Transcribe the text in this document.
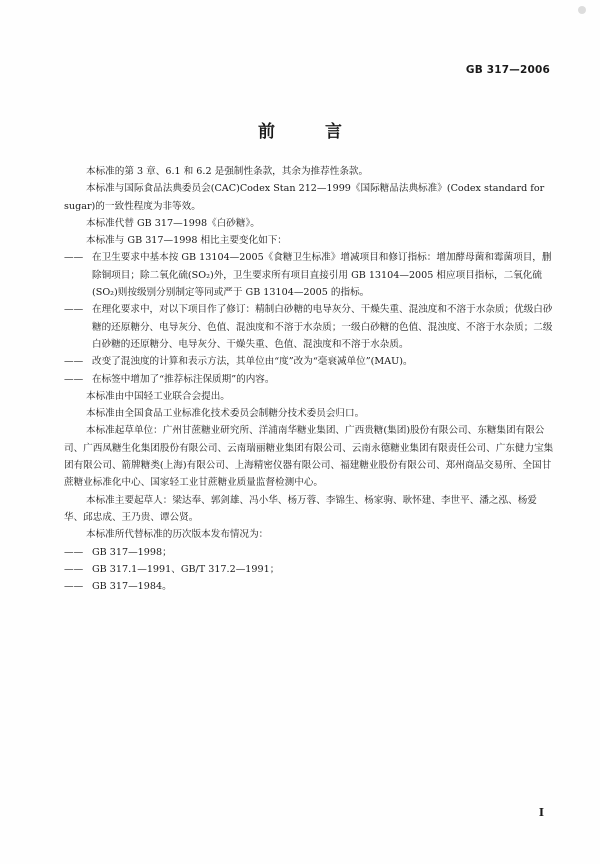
GB 317—2006
前 言

本标准的第 3 章、6.1 和 6.2 是强制性条款，其余为推荐性条款。

本标准与国际食品法典委员会(CAC)Codex Stan 212—1999《国际糖品法典标准》(Codex standard for sugar)的一致性程度为非等效。

本标准代替 GB 317—1998《白砂糖》。

本标准与 GB 317—1998 相比主要变化如下：

—— 在卫生要求中基本按 GB 13104—2005《食糖卫生标准》增减项目和修订指标：增加酵母菌和霉菌项目，删除铜项目；除二氧化硫(SO₂)外，卫生要求所有项目直接引用 GB 13104—2005 相应项目指标，二氧化硫(SO₂)则按级别分别制定等同或严于 GB 13104—2005 的指标。

—— 在理化要求中，对以下项目作了修订：精制白砂糖的电导灰分、干燥失重、混浊度和不溶于水杂质；优级白砂糖的还原糖分、电导灰分、色值、混浊度和不溶于水杂质；一级白砂糖的色值、混浊度、不溶于水杂质；二级白砂糖的还原糖分、电导灰分、干燥失重、色值、混浊度和不溶于水杂质。

—— 改变了混浊度的计算和表示方法，其单位由“度”改为“毫衰减单位”(MAU)。

—— 在标签中增加了“推荐标注保质期”的内容。

本标准由中国轻工业联合会提出。

本标准由全国食品工业标准化技术委员会制糖分技术委员会归口。

本标准起草单位：广州甘蔗糖业研究所、洋浦南华糖业集团、广西贵糖(集团)股份有限公司、东糖集团有限公司、广西凤糖生化集团股份有限公司、云南瑞丽糖业集团有限公司、云南永德糖业集团有限责任公司、广东健力宝集团有限公司、箭牌糖类(上海)有限公司、上海精密仪器有限公司、福建糖业股份有限公司、郑州商品交易所、全国甘蔗糖业标准化中心、国家轻工业甘蔗糖业质量监督检测中心。

本标准主要起草人：梁达奉、郭剑雄、冯小华、杨万蓉、李锦生、杨家驹、耿怀建、李世平、潘之泓、杨爱华、邱忠成、王乃贵、谭公贤。

本标准所代替标准的历次版本发布情况为：

—— GB 317—1998；

—— GB 317.1—1991、GB/T 317.2—1991；

—— GB 317—1984。

I
